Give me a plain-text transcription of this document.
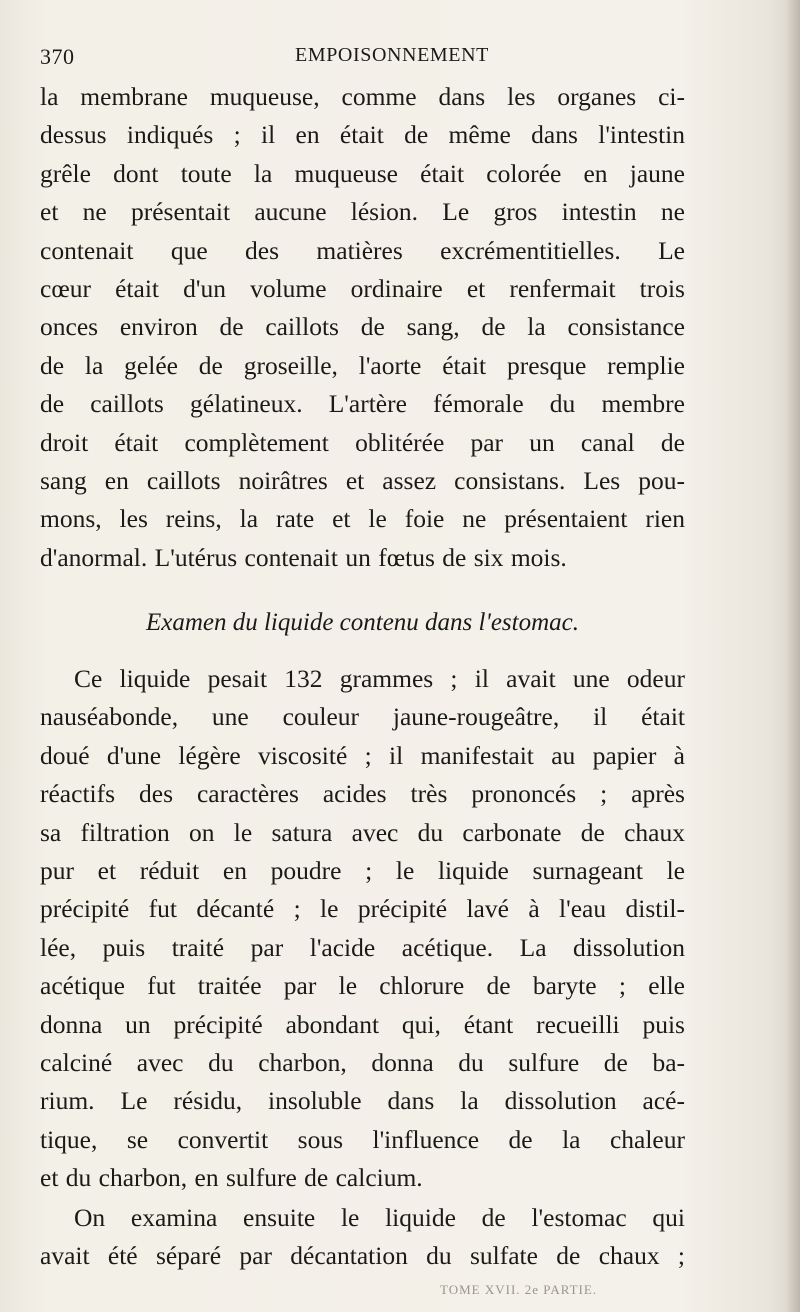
370	EMPOISONNEMENT
la membrane muqueuse, comme dans les organes ci-
dessus indiqués ; il en était de même dans l'intestin
grêle dont toute la muqueuse était colorée en jaune
et ne présentait aucune lésion. Le gros intestin ne
contenait que des matières excrémentitielles. Le
cœur était d'un volume ordinaire et renfermait trois
onces environ de caillots de sang, de la consistance
de la gelée de groseille, l'aorte était presque remplie
de caillots gélatineux. L'artère fémorale du membre
droit était complètement oblitérée par un canal de
sang en caillots noirâtres et assez consistans. Les pou-
mons, les reins, la rate et le foie ne présentaient rien
d'anormal. L'utérus contenait un fœtus de six mois.
Examen du liquide contenu dans l'estomac.
Ce liquide pesait 132 grammes ; il avait une odeur
nauséabonde, une couleur jaune-rougeâtre, il était
doué d'une légère viscosité ; il manifestait au papier à
réactifs des caractères acides très prononcés ; après
sa filtration on le satura avec du carbonate de chaux
pur et réduit en poudre ; le liquide surnageant le
précipité fut décanté ; le précipité lavé à l'eau distil-
lée, puis traité par l'acide acétique. La dissolution
acétique fut traitée par le chlorure de baryte ; elle
donna un précipité abondant qui, étant recueilli puis
calciné avec du charbon, donna du sulfure de ba-
rium. Le résidu, insoluble dans la dissolution acé-
tique, se convertit sous l'influence de la chaleur
et du charbon, en sulfure de calcium.
On examina ensuite le liquide de l'estomac qui
avait été séparé par décantation du sulfate de chaux ;
TOME XVII. 2e PARTIE.
